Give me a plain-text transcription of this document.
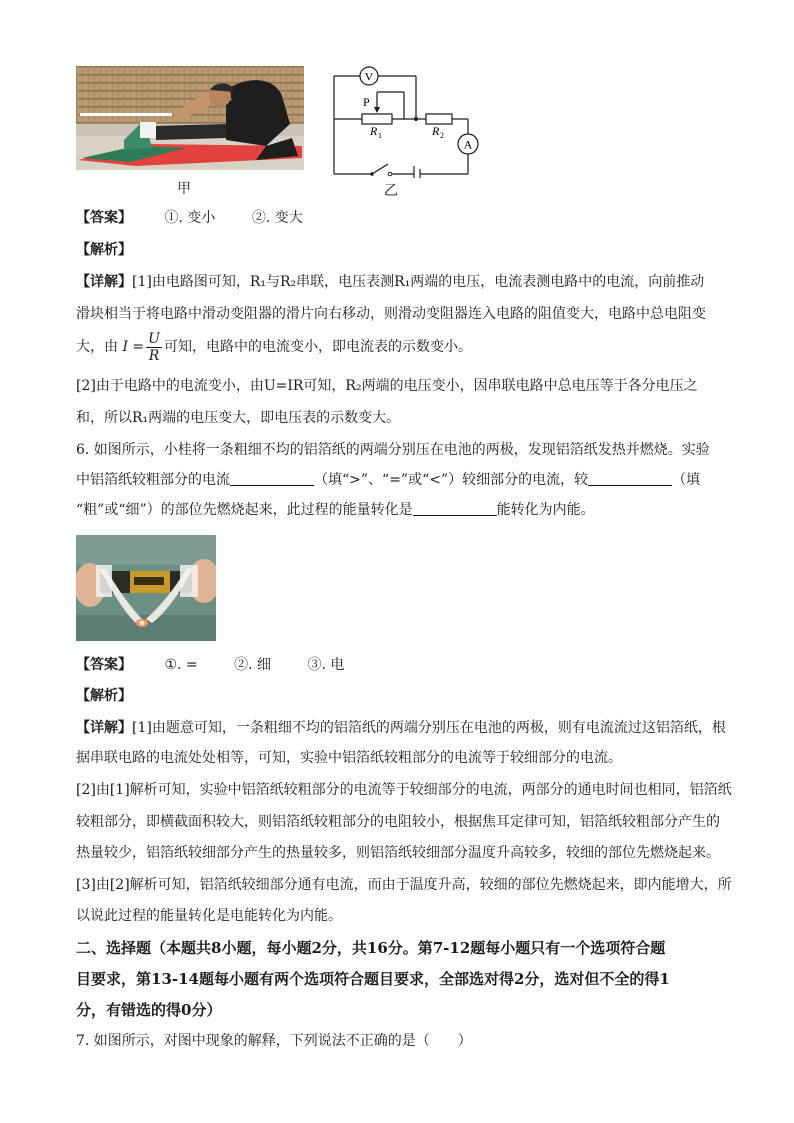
甲
V
A
P
R 1	R 2
乙
【答案】 ①. 变小	②. 变大
【解析】
【详解】[1]由电路图可知，R₁与R₂串联，电压表测R₁两端的电压，电流表测电路中的电流，向前推动
滑块相当于将电路中滑动变阻器的滑片向右移动，则滑动变阻器连入电路的阻值变大，电路中总电阻变
大，由 $I = \frac{U}{R}$ 可知，电路中的电流变小，即电流表的示数变小。
[2]由于电路中的电流变小，由U=IR可知，R₂两端的电压变小，因串联电路中总电压等于各分电压之
和，所以R₁两端的电压变大，即电压表的示数变大。
6. 如图所示，小桂将一条粗细不均的铝箔纸的两端分别压在电池的两极，发现铝箔纸发热并燃烧。实验
中铝箔纸较粗部分的电流	（填“>”、“=”或“<”）较细部分的电流，较	（填
“粗”或“细”）的部位先燃烧起来，此过程的能量转化是	能转化为内能。
【答案】 ①. =	②. 细	③. 电
【解析】
【详解】[1]由题意可知，一条粗细不均的铝箔纸的两端分别压在电池的两极，则有电流流过这铝箔纸，根
据串联电路的电流处处相等，可知，实验中铝箔纸较粗部分的电流等于较细部分的电流。
[2]由[1]解析可知，实验中铝箔纸较粗部分的电流等于较细部分的电流，两部分的通电时间也相同，铝箔纸
较粗部分，即横截面积较大，则铝箔纸较粗部分的电阻较小，根据焦耳定律可知，铝箔纸较粗部分产生的
热量较少，铝箔纸较细部分产生的热量较多，则铝箔纸较细部分温度升高较多，较细的部位先燃烧起来。
[3]由[2]解析可知，铝箔纸较细部分通有电流，而由于温度升高，较细的部位先燃烧起来，即内能增大，所
以说此过程的能量转化是电能转化为内能。
二、选择题（本题共8小题，每小题2分，共16分。第7-12题每小题只有一个选项符合题
目要求，第13-14题每小题有两个选项符合题目要求，全部选对得2分，选对但不全的得1
分，有错选的得0分）
7. 如图所示，对图中现象的解释，下列说法不正确的是（　　）
